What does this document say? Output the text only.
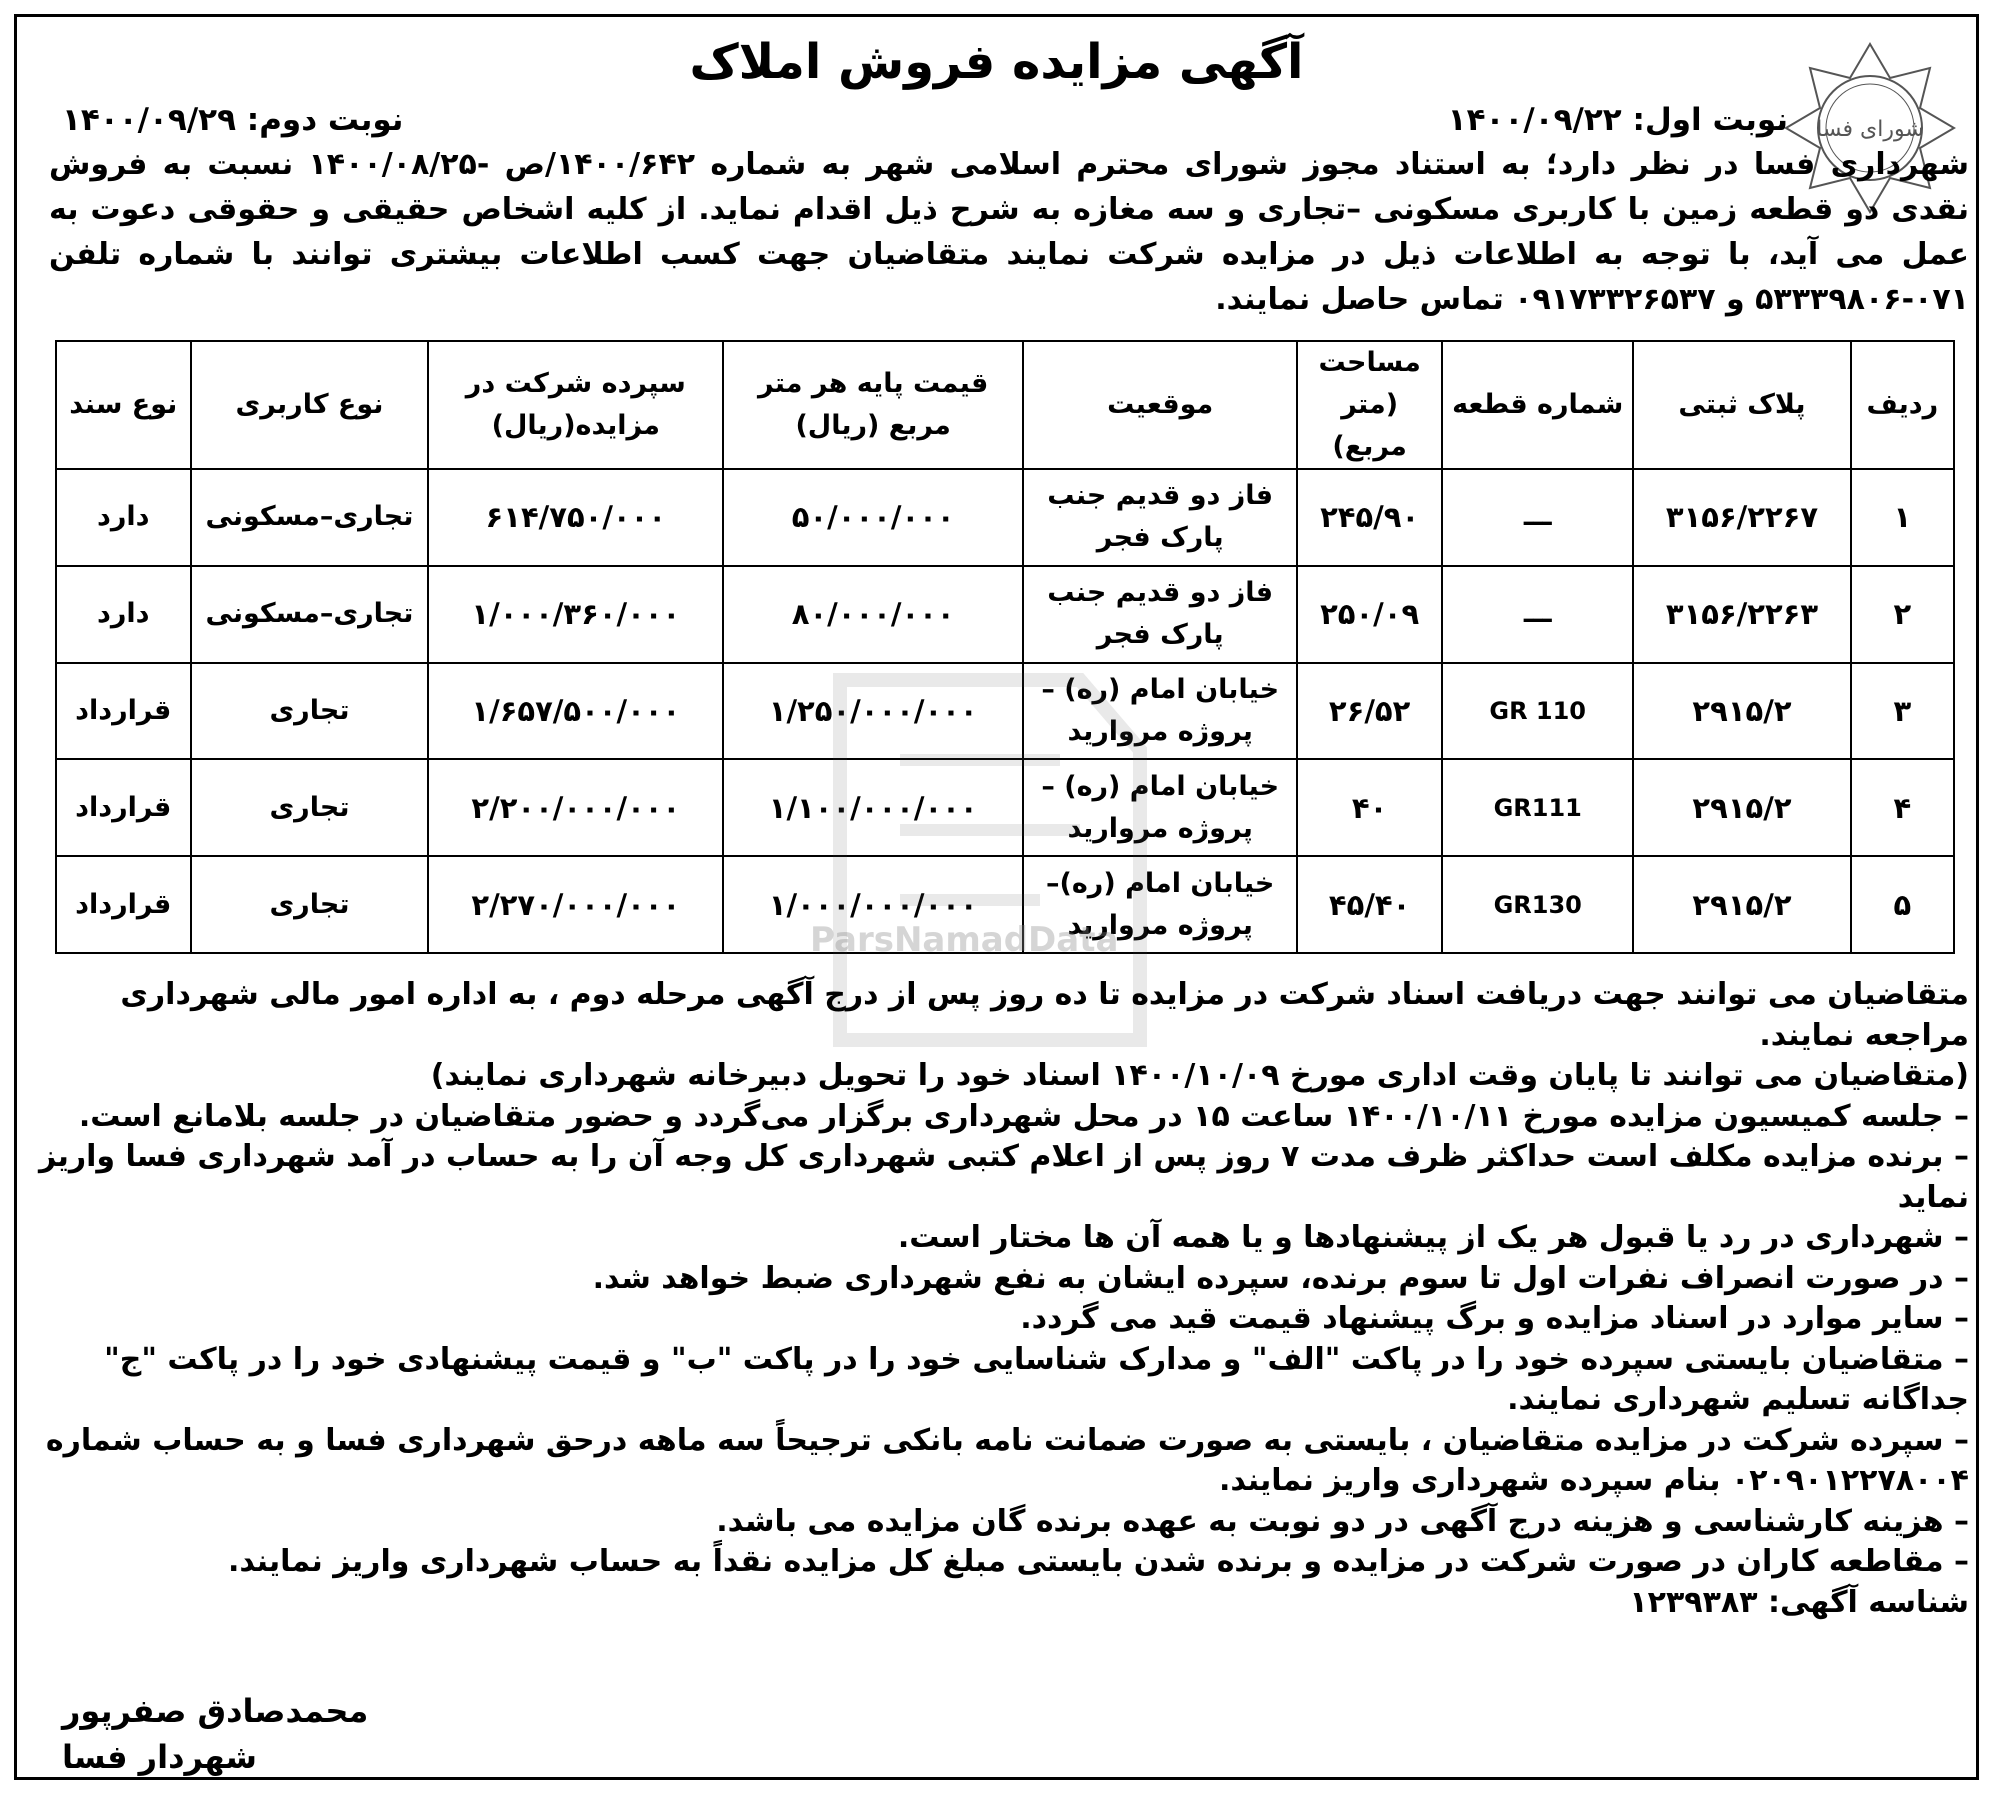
آگهی مزایده فروش املاک
شورای فسا
نوبت اول: ۱۴۰۰/۰۹/۲۲
نوبت دوم: ۱۴۰۰/۰۹/۲۹
شهرداری فسا در نظر دارد؛ به استناد مجوز شورای محترم اسلامی شهر به شماره ۱۴۰۰/۶۴۲/ص -۱۴۰۰/۰۸/۲۵ نسبت به فروش نقدی دو قطعه زمین با کاربری مسکونی –تجاری و سه مغازه به شرح ذیل اقدام نماید. از کلیه اشخاص حقیقی و حقوقی دعوت به عمل می آید، با توجه به اطلاعات ذیل در مزایده شرکت نمایند متقاضیان جهت کسب اطلاعات بیشتری توانند با شماره تلفن ۰۷۱-۵۳۳۳۹۸۰۶ و ۰۹۱۷۳۳۲۶۵۳۷ تماس حاصل نمایند.
ردیف	پلاک ثبتی	شماره قطعه	مساحت (متر مربع)	موقعیت	قیمت پایه هر متر مربع (ریال)	سپرده شرکت در مزایده(ریال)	نوع کاربری	نوع سند
۱	۳۱۵۶/۲۲۶۷	ـــ	۲۴۵/۹۰	فاز دو قدیم جنب پارک فجر	۵۰/۰۰۰/۰۰۰	۶۱۴/۷۵۰/۰۰۰	تجاری–مسکونی	دارد
۲	۳۱۵۶/۲۲۶۳	ـــ	۲۵۰/۰۹	فاز دو قدیم جنب پارک فجر	۸۰/۰۰۰/۰۰۰	۱/۰۰۰/۳۶۰/۰۰۰	تجاری–مسکونی	دارد
۳	۲۹۱۵/۲	GR 110	۲۶/۵۲	خیابان امام (ره) – پروژه مروارید	۱/۲۵۰/۰۰۰/۰۰۰	۱/۶۵۷/۵۰۰/۰۰۰	تجاری	قرارداد
۴	۲۹۱۵/۲	GR111	۴۰	خیابان امام (ره) – پروژه مروارید	۱/۱۰۰/۰۰۰/۰۰۰	۲/۲۰۰/۰۰۰/۰۰۰	تجاری	قرارداد
۵	۲۹۱۵/۲	GR130	۴۵/۴۰	خیابان امام (ره)– پروژه مروارید	۱/۰۰۰/۰۰۰/۰۰۰	۲/۲۷۰/۰۰۰/۰۰۰	تجاری	قرارداد
ParsNamadData

متقاضیان می توانند جهت دریافت اسناد شرکت در مزایده تا ده روز پس از درج آگهی مرحله دوم ، به اداره امور مالی شهرداری مراجعه نمایند.

(متقاضیان می توانند تا پایان وقت اداری مورخ ۱۴۰۰/۱۰/۰۹ اسناد خود را تحویل دبیرخانه شهرداری نمایند)

– جلسه کمیسیون مزایده مورخ ۱۴۰۰/۱۰/۱۱ ساعت ۱۵ در محل شهرداری برگزار می‌گردد و حضور متقاضیان در جلسه بلامانع است.

– برنده مزایده مکلف است حداکثر ظرف مدت ۷ روز پس از اعلام کتبی شهرداری کل وجه آن را به حساب در آمد شهرداری فسا واریز نماید

– شهرداری در رد یا قبول هر یک از پیشنهادها و یا همه آن ها مختار است.

– در صورت انصراف نفرات اول تا سوم برنده، سپرده ایشان به نفع شهرداری ضبط خواهد شد.

– سایر موارد در اسناد مزایده و برگ پیشنهاد قیمت قید می گردد.

– متقاضیان بایستی سپرده خود را در پاکت "الف" و مدارک شناسایی خود را در پاکت "ب" و قیمت پیشنهادی خود را در پاکت "ج" جداگانه تسلیم شهرداری نمایند.

– سپرده شرکت در مزایده متقاضیان ، بایستی به صورت ضمانت نامه بانکی ترجیحاً سه ماهه درحق شهرداری فسا و به حساب شماره ۰۲۰۹۰۱۲۲۷۸۰۰۴ بنام سپرده شهرداری واریز نمایند.

– هزینه کارشناسی و هزینه درج آگهی در دو نوبت به عهده برنده گان مزایده می باشد.

– مقاطعه کاران در صورت شرکت در مزایده و برنده شدن بایستی مبلغ کل مزایده نقداً به حساب شهرداری واریز نمایند.

شناسه آگهی: ۱۲۳۹۳۸۳

محمدصادق صفرپور
شهردار فسا
